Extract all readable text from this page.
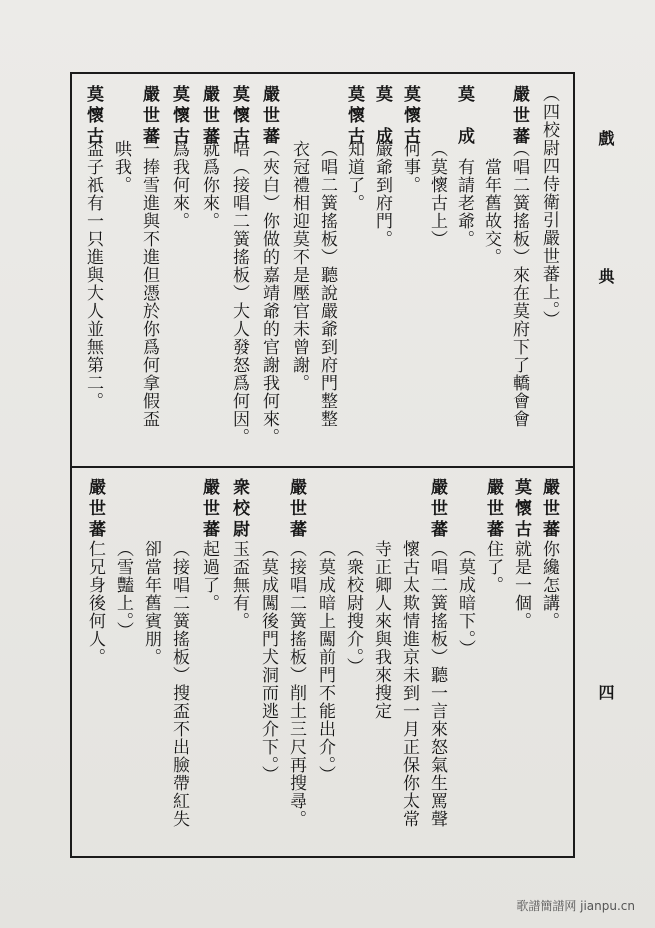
戲
典
四
（四校尉四侍衛引嚴世蕃上。）
嚴世蕃
（唱二簧搖板）來在莫府下了轎會會
當年舊故交。
有請老爺。
莫　成
（莫懷古上）
莫懷古
何事。
莫　成
嚴爺到府門。
莫懷古
知道了。
（唱二簧搖板）聽說嚴爺到府門整整
衣冠禮相迎莫不是壓官未曾謝。
嚴世蕃
（夾白）你做的嘉靖爺的官謝我何來。
莫懷古
唔（接唱二簧搖板）大人發怒爲何因。
嚴世蕃
就爲你來。
莫懷古
爲我何來。
嚴世蕃
一捧雪進與不進但憑於你爲何拿假盃
哄我。
莫懷古
盃子祇有一只進與大人並無第二。
嚴世蕃
你纔怎講。
莫懷古
就是一個。
嚴世蕃
住了。
（莫成暗下。）
嚴世蕃
（唱二簧搖板）聽一言來怒氣生罵聲
懷古太欺情進京未到一月正保你太常
寺正卿人來與我來搜定
（衆校尉搜介。）
（莫成暗上闖前門不能出介。）
嚴世蕃
（接唱二簧搖板）削土三尺再搜尋。
（莫成闖後門犬洞而逃介下。）
衆校尉
玉盃無有。
嚴世蕃
起過了。
（接唱二簧搖板）搜盃不出臉帶紅失
卻當年舊賓朋。
（雪豔上。）
嚴世蕃
仁兄身後何人。
歌譜簡譜网 jianpu.cn
